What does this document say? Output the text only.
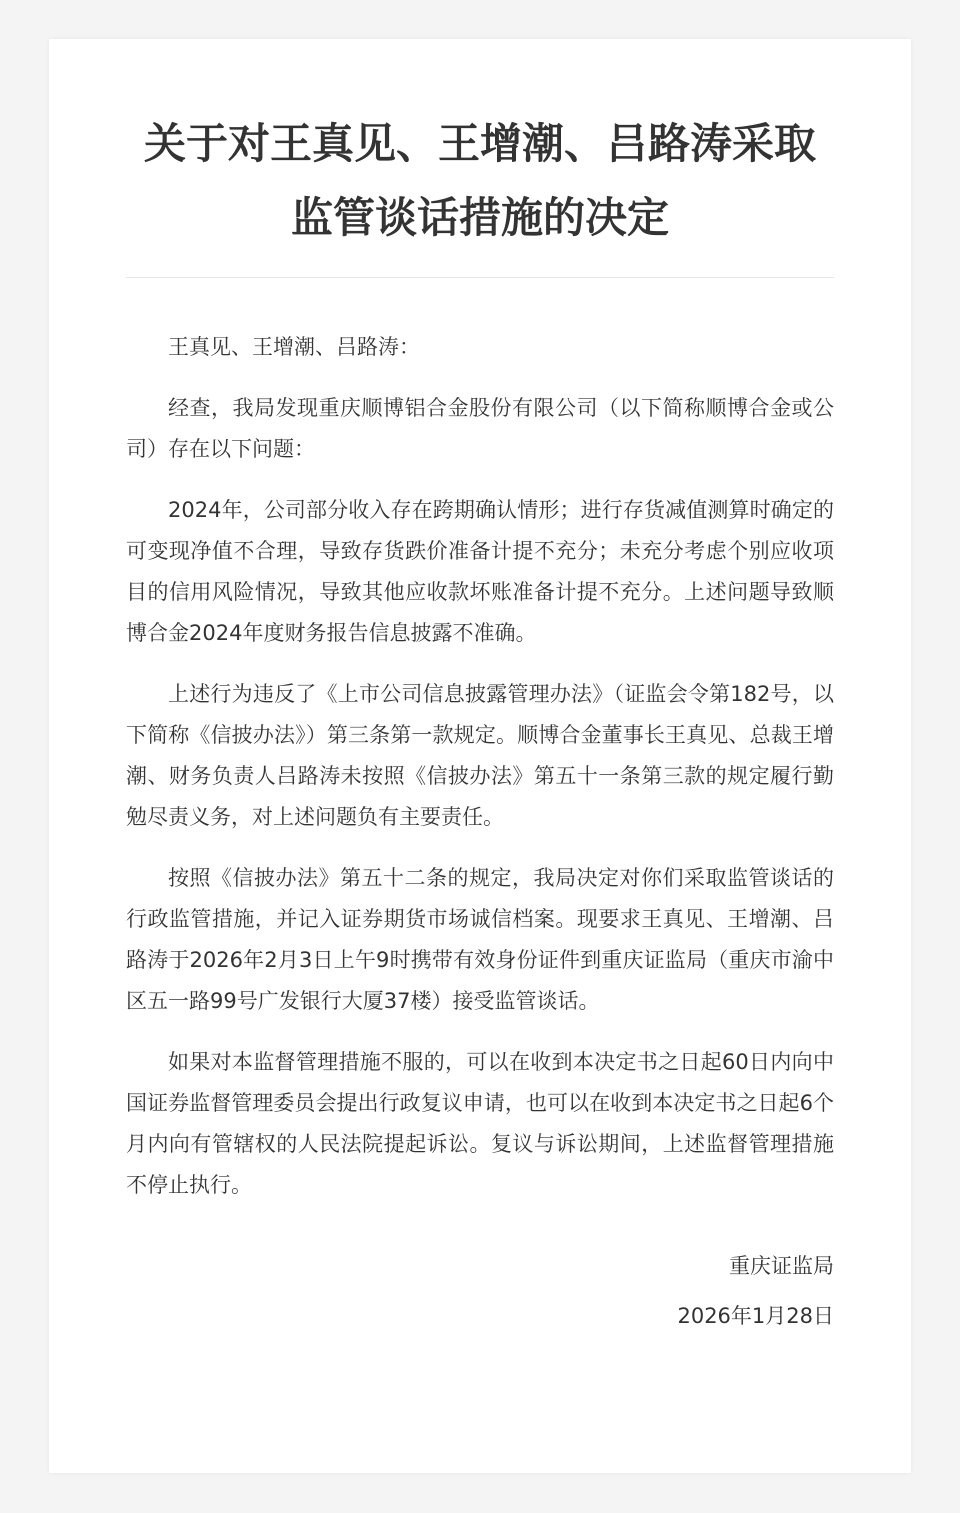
关于对王真见、王增潮、吕路涛采取
监管谈话措施的决定

王真见、王增潮、吕路涛：

经查，我局发现重庆顺博铝合金股份有限公司（以下简称顺博合金或公司）存在以下问题：

2024年，公司部分收入存在跨期确认情形；进行存货减值测算时确定的可变现净值不合理，导致存货跌价准备计提不充分；未充分考虑个别应收项目的信用风险情况，导致其他应收款坏账准备计提不充分。上述问题导致顺博合金2024年度财务报告信息披露不准确。

上述行为违反了《上市公司信息披露管理办法》（证监会令第182号，以下简称《信披办法》）第三条第一款规定。顺博合金董事长王真见、总裁王增潮、财务负责人吕路涛未按照《信披办法》第五十一条第三款的规定履行勤勉尽责义务，对上述问题负有主要责任。

按照《信披办法》第五十二条的规定，我局决定对你们采取监管谈话的行政监管措施，并记入证券期货市场诚信档案。现要求王真见、王增潮、吕路涛于2026年2月3日上午9时携带有效身份证件到重庆证监局（重庆市渝中区五一路99号广发银行大厦37楼）接受监管谈话。

如果对本监督管理措施不服的，可以在收到本决定书之日起60日内向中国证券监督管理委员会提出行政复议申请，也可以在收到本决定书之日起6个月内向有管辖权的人民法院提起诉讼。复议与诉讼期间，上述监督管理措施不停止执行。

重庆证监局
2026年1月28日
